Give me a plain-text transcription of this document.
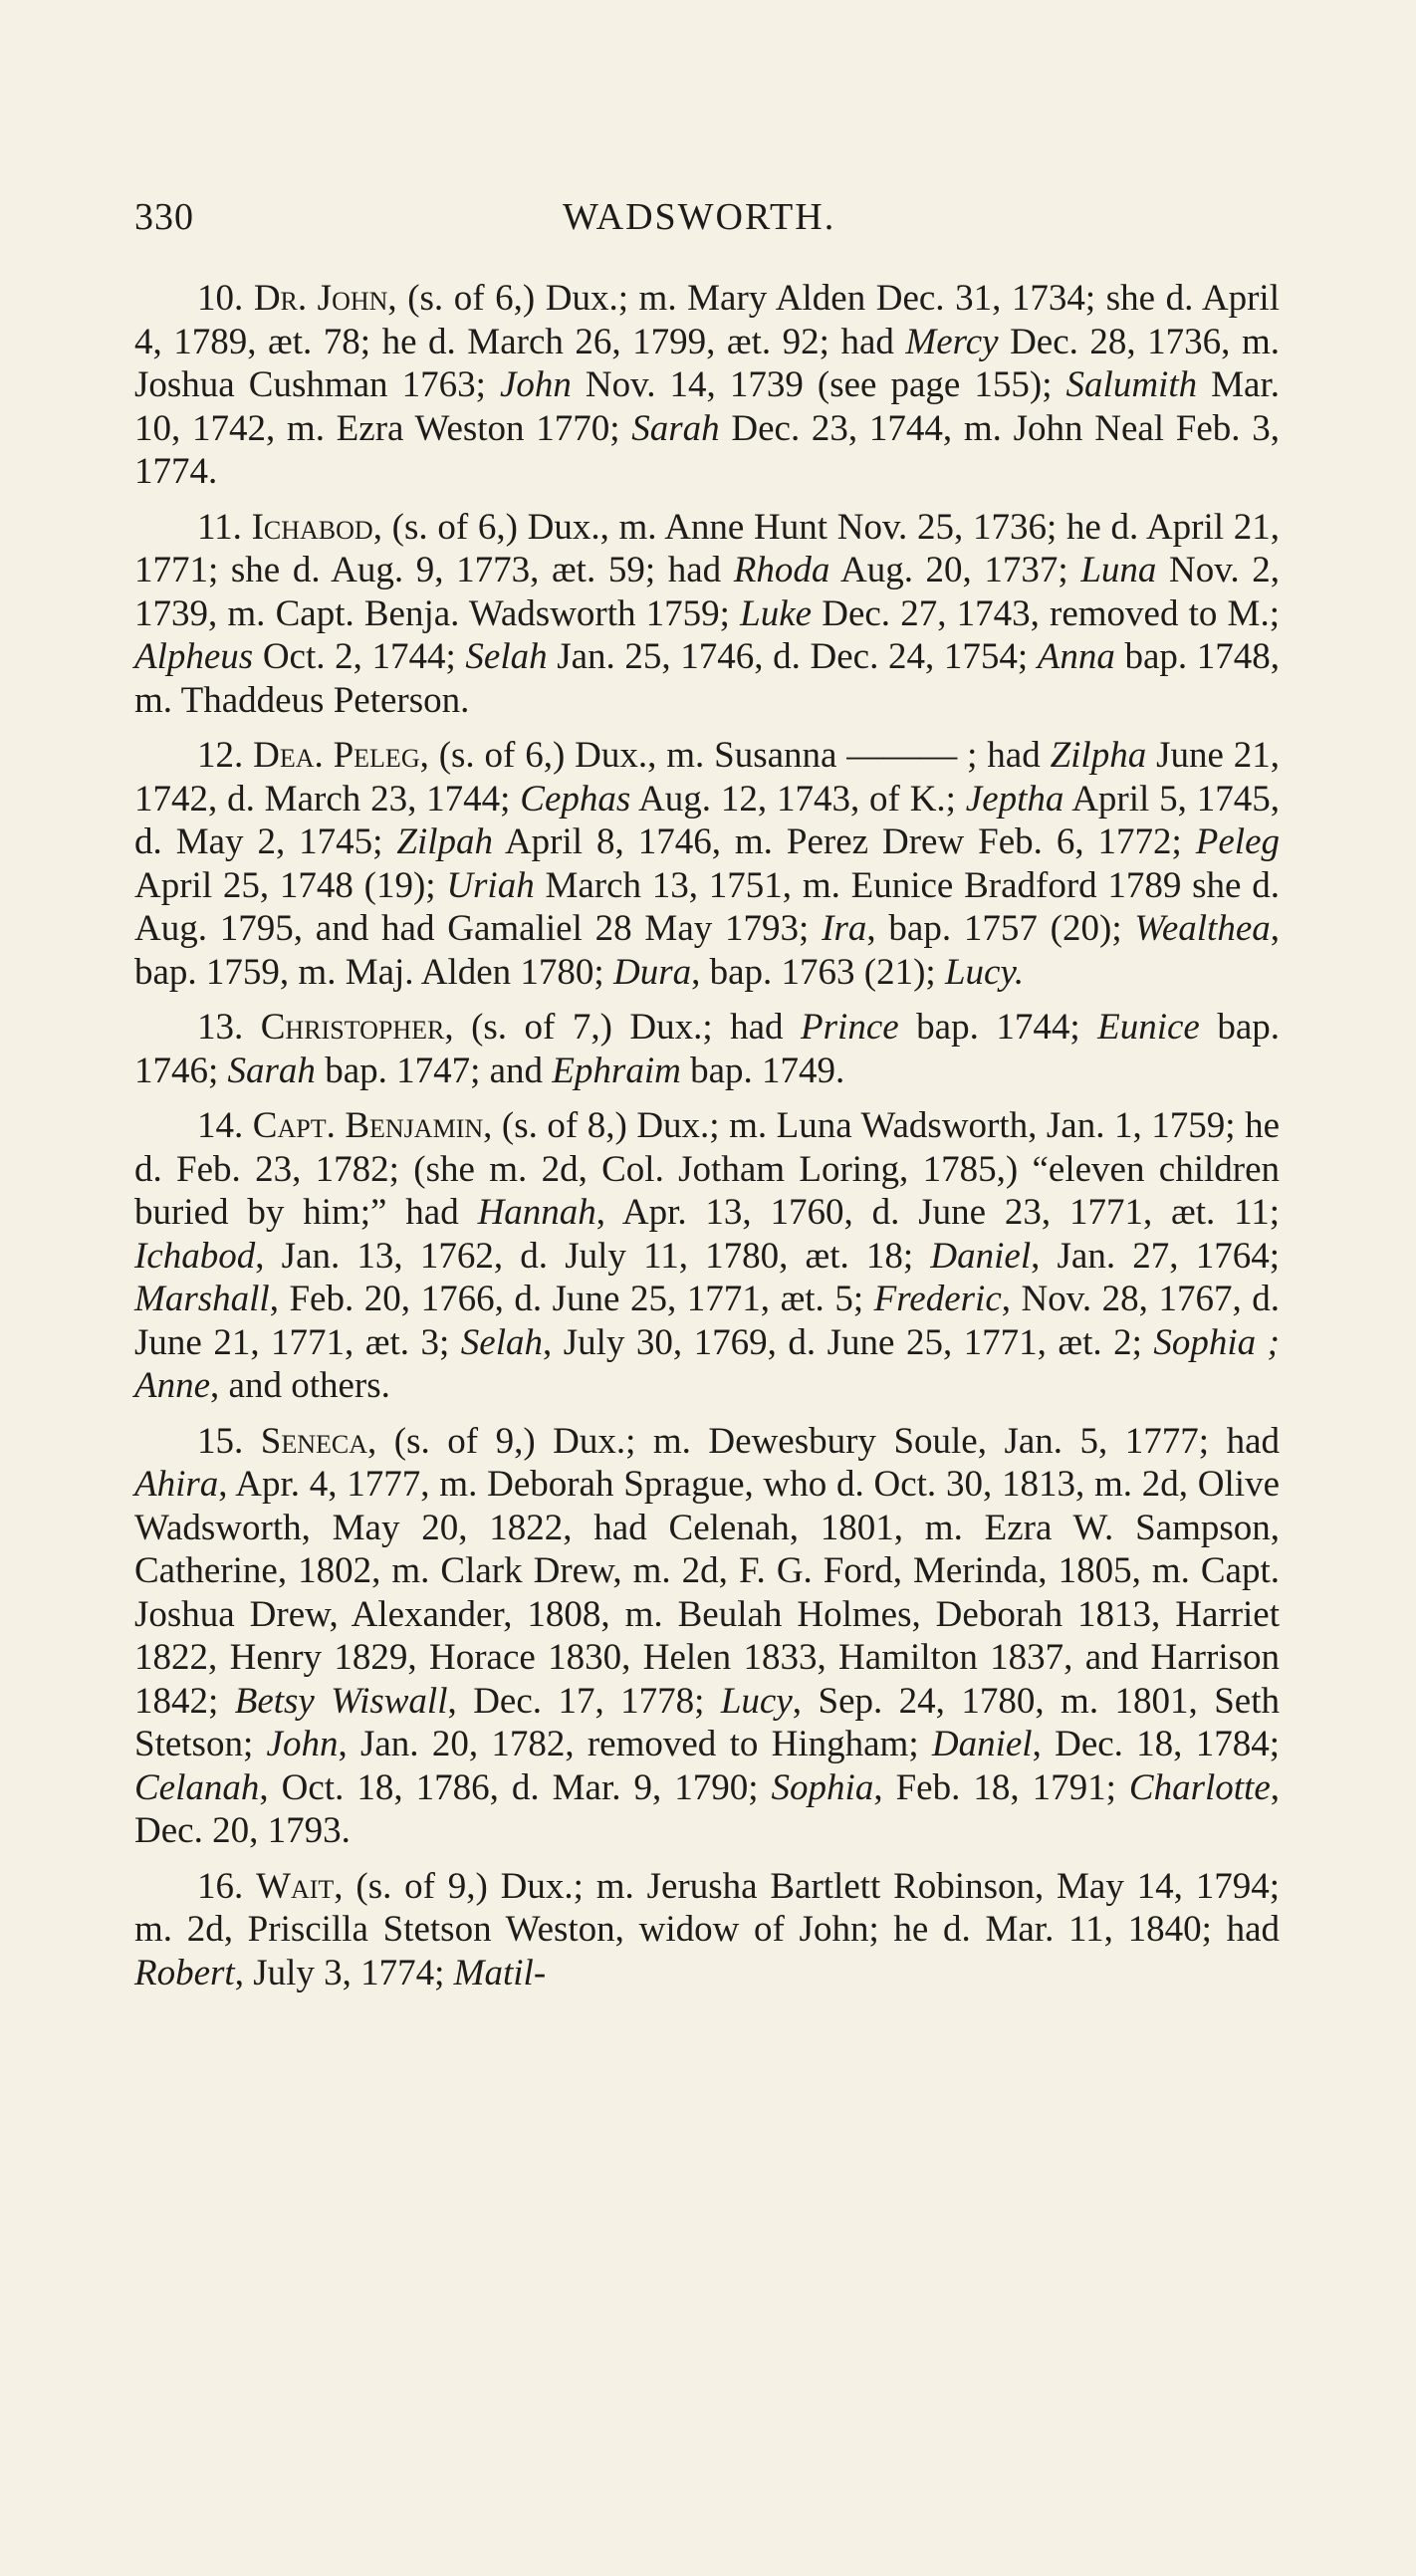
330	WADSWORTH.

10. Dr. John, (s. of 6,) Dux.; m. Mary Alden Dec. 31, 1734; she d. April 4, 1789, æt. 78; he d. March 26, 1799, æt. 92; had Mercy Dec. 28, 1736, m. Joshua Cushman 1763; John Nov. 14, 1739 (see page 155); Salumith Mar. 10, 1742, m. Ezra Weston 1770; Sarah Dec. 23, 1744, m. John Neal Feb. 3, 1774.

11. Ichabod, (s. of 6,) Dux., m. Anne Hunt Nov. 25, 1736; he d. April 21, 1771; she d. Aug. 9, 1773, æt. 59; had Rhoda Aug. 20, 1737; Luna Nov. 2, 1739, m. Capt. Benja. Wadsworth 1759; Luke Dec. 27, 1743, removed to M.; Alpheus Oct. 2, 1744; Selah Jan. 25, 1746, d. Dec. 24, 1754; Anna bap. 1748, m. Thaddeus Peterson.

12. Dea. Peleg, (s. of 6,) Dux., m. Susanna ——— ; had Zilpha June 21, 1742, d. March 23, 1744; Cephas Aug. 12, 1743, of K.; Jeptha April 5, 1745, d. May 2, 1745; Zilpah April 8, 1746, m. Perez Drew Feb. 6, 1772; Peleg April 25, 1748 (19); Uriah March 13, 1751, m. Eunice Bradford 1789 she d. Aug. 1795, and had Gamaliel 28 May 1793; Ira, bap. 1757 (20); Wealthea, bap. 1759, m. Maj. Alden 1780; Dura, bap. 1763 (21); Lucy.

13. Christopher, (s. of 7,) Dux.; had Prince bap. 1744; Eunice bap. 1746; Sarah bap. 1747; and Ephraim bap. 1749.

14. Capt. Benjamin, (s. of 8,) Dux.; m. Luna Wadsworth, Jan. 1, 1759; he d. Feb. 23, 1782; (she m. 2d, Col. Jotham Loring, 1785,) “eleven children buried by him;” had Hannah, Apr. 13, 1760, d. June 23, 1771, æt. 11; Ichabod, Jan. 13, 1762, d. July 11, 1780, æt. 18; Daniel, Jan. 27, 1764; Marshall, Feb. 20, 1766, d. June 25, 1771, æt. 5; Frederic, Nov. 28, 1767, d. June 21, 1771, æt. 3; Selah, July 30, 1769, d. June 25, 1771, æt. 2; Sophia ; Anne, and others.

15. Seneca, (s. of 9,) Dux.; m. Dewesbury Soule, Jan. 5, 1777; had Ahira, Apr. 4, 1777, m. Deborah Sprague, who d. Oct. 30, 1813, m. 2d, Olive Wadsworth, May 20, 1822, had Celenah, 1801, m. Ezra W. Sampson, Catherine, 1802, m. Clark Drew, m. 2d, F. G. Ford, Merinda, 1805, m. Capt. Joshua Drew, Alexander, 1808, m. Beulah Holmes, Deborah 1813, Harriet 1822, Henry 1829, Horace 1830, Helen 1833, Hamilton 1837, and Harrison 1842; Betsy Wiswall, Dec. 17, 1778; Lucy, Sep. 24, 1780, m. 1801, Seth Stetson; John, Jan. 20, 1782, removed to Hingham; Daniel, Dec. 18, 1784; Celanah, Oct. 18, 1786, d. Mar. 9, 1790; Sophia, Feb. 18, 1791; Charlotte, Dec. 20, 1793.

16. Wait, (s. of 9,) Dux.; m. Jerusha Bartlett Robinson, May 14, 1794; m. 2d, Priscilla Stetson Weston, widow of John; he d. Mar. 11, 1840; had Robert, July 3, 1774; Matil-
